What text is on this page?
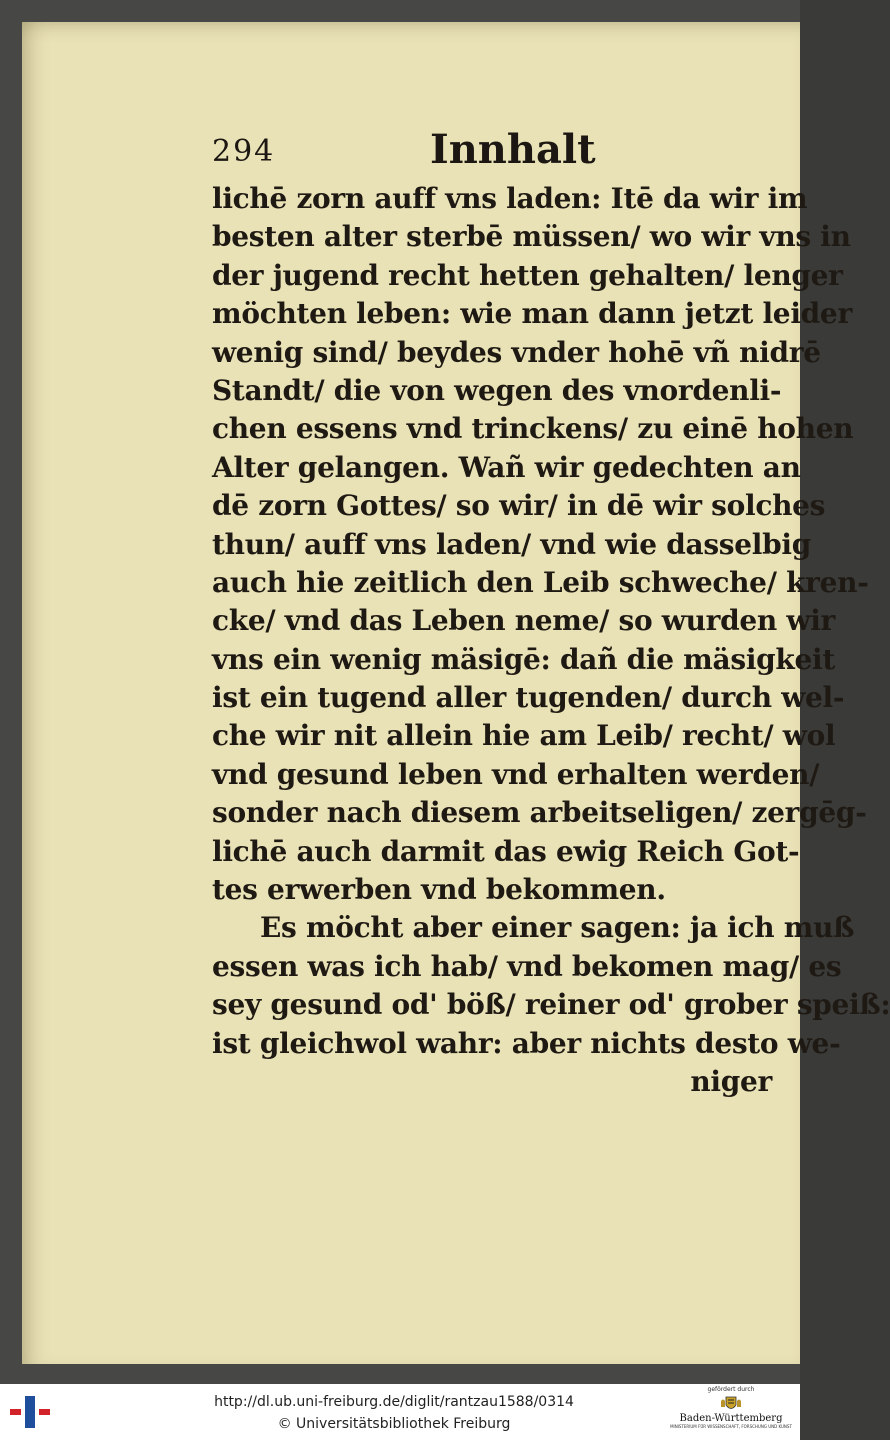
294	Innhalt
lichē zorn auff vns laden: Itē da wir im
besten alter sterbē müssen/ wo wir vns in
der jugend recht hetten gehalten/ lenger
möchten leben: wie man dann jetzt leider
wenig sind/ beydes vnder hohē vñ nidrē
Standt/ die von wegen des vnordenli-
chen essens vnd trinckens/ zu einē hohen
Alter gelangen. Wañ wir gedechten an
dē zorn Gottes/ so wir/ in dē wir solches
thun/ auff vns laden/ vnd wie dasselbig
auch hie zeitlich den Leib schweche/ kren-
cke/ vnd das Leben neme/ so wurden wir
vns ein wenig mäsigē: dañ die mäsigkeit
ist ein tugend aller tugenden/ durch wel-
che wir nit allein hie am Leib/ recht/ wol
vnd gesund leben vnd erhalten werden/
sonder nach diesem arbeitseligen/ zergēg-
lichē auch darmit das ewig Reich Got-
tes erwerben vnd bekommen.
Es möcht aber einer sagen: ja ich muß
essen was ich hab/ vnd bekomen mag/ es
sey gesund od' böß/ reiner od' grober speiß:
ist gleichwol wahr: aber nichts desto we-
niger
http://dl.ub.uni-freiburg.de/diglit/rantzau1588/0314
© Universitätsbibliothek Freiburg
gefördert durch
Baden-Württemberg
MINISTERIUM FÜR WISSENSCHAFT, FORSCHUNG UND KUNST
